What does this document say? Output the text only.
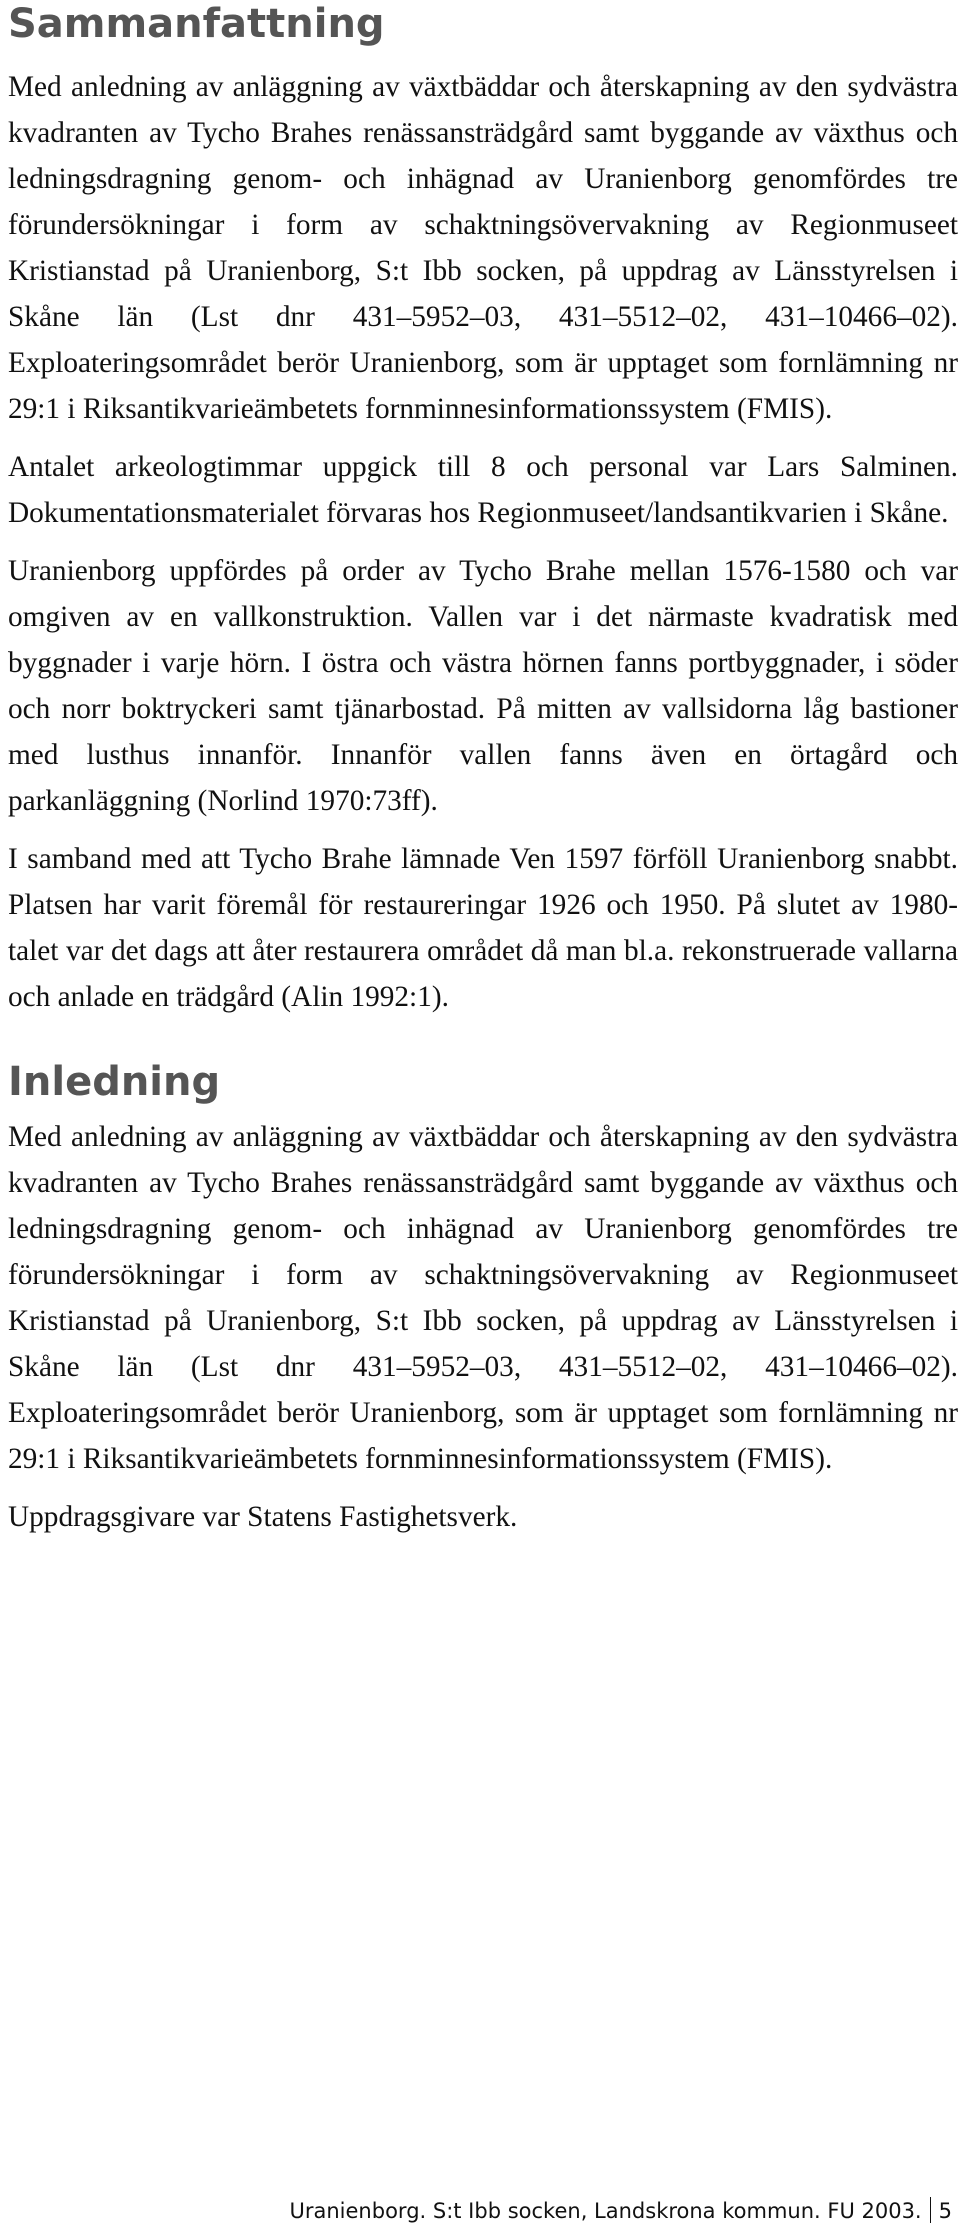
Sammanfattning

Med anledning av anläggning av växtbäddar och återskapning av den sydvästra kvadranten av Tycho Brahes renässansträdgård samt byggande av växthus och ledningsdragning genom- och inhägnad av Uranienborg genomfördes tre förundersökningar i form av schaktningsövervakning av Regionmuseet Kristianstad på Uranienborg, S:t Ibb socken, på uppdrag av Länsstyrelsen i Skåne län (Lst dnr 431–5952–03, 431–5512–02, 431–10466–02). Exploateringsområdet berör Uranienborg, som är upptaget som fornlämning nr 29:1 i Riksantikvarieämbetets fornminnesinformationssystem (FMIS).

Antalet arkeologtimmar uppgick till 8 och personal var Lars Salminen. Dokumentationsmaterialet förvaras hos Regionmuseet/landsantikvarien i Skåne.

Uranienborg uppfördes på order av Tycho Brahe mellan 1576-1580 och var omgiven av en vallkonstruktion. Vallen var i det närmaste kvadratisk med byggnader i varje hörn. I östra och västra hörnen fanns portbyggnader, i söder och norr boktryckeri samt tjänarbostad. På mitten av vallsidorna låg bastioner med lusthus innanför. Innanför vallen fanns även en örtagård och parkanläggning (Norlind 1970:73ff).

I samband med att Tycho Brahe lämnade Ven 1597 förföll Uranienborg snabbt. Platsen har varit föremål för restaureringar 1926 och 1950. På slutet av 1980-talet var det dags att åter restaurera området då man bl.a. rekonstruerade vallarna och anlade en trädgård (Alin 1992:1).

Inledning

Med anledning av anläggning av växtbäddar och återskapning av den sydvästra kvadranten av Tycho Brahes renässansträdgård samt byggande av växthus och ledningsdragning genom- och inhägnad av Uranienborg genomfördes tre förundersökningar i form av schaktningsövervakning av Regionmuseet Kristianstad på Uranienborg, S:t Ibb socken, på uppdrag av Länsstyrelsen i Skåne län (Lst dnr 431–5952–03, 431–5512–02, 431–10466–02). Exploateringsområdet berör Uranienborg, som är upptaget som fornlämning nr 29:1 i Riksantikvarieämbetets fornminnesinformationssystem (FMIS).

Uppdragsgivare var Statens Fastighetsverk.

Uranienborg. S:t Ibb socken, Landskrona kommun. FU 2003. 5
